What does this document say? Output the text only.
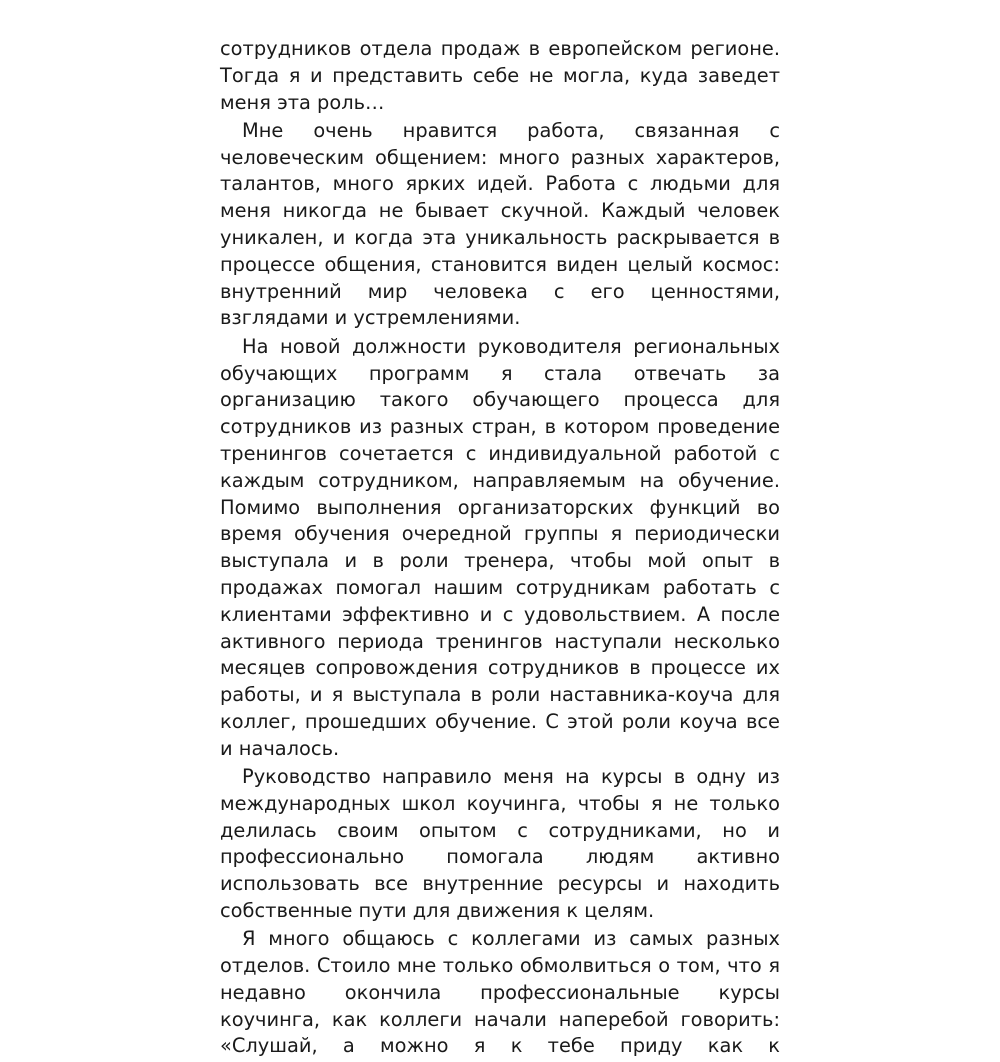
сотрудников отдела продаж в европейском регионе. Тогда я и представить себе не могла, куда заведет меня эта роль…

Мне очень нравится работа, связанная с человеческим общением: много разных характеров, талантов, много ярких идей. Работа с людьми для меня никогда не бывает скучной. Каждый человек уникален, и когда эта уникальность раскрывается в процессе общения, становится виден целый космос: внутренний мир человека с его ценностями, взглядами и устремлениями.

На новой должности руководителя региональных обучающих программ я стала отвечать за организацию такого обучающего процесса для сотрудников из разных стран, в котором проведение тренингов сочетается с индивидуальной работой с каждым сотрудником, направляемым на обучение. Помимо выполнения организаторских функций во время обучения очередной группы я периодически выступала и в роли тренера, чтобы мой опыт в продажах помогал нашим сотрудникам работать с клиентами эффективно и с удовольствием. А после активного периода тренингов наступали несколько месяцев сопровождения сотрудников в процессе их работы, и я выступала в роли наставника-коуча для коллег, прошедших обучение. С этой роли коуча все и началось.

Руководство направило меня на курсы в одну из международных школ коучинга, чтобы я не только делилась своим опытом с сотрудниками, но и профессионально помогала людям активно использовать все внутренние ресурсы и находить собственные пути для движения к целям.

Я много общаюсь с коллегами из самых разных отделов. Стоило мне только обмолвиться о том, что я недавно окончила профессиональные курсы коучинга, как коллеги начали наперебой говорить: «Слушай, а можно я к тебе приду как к
